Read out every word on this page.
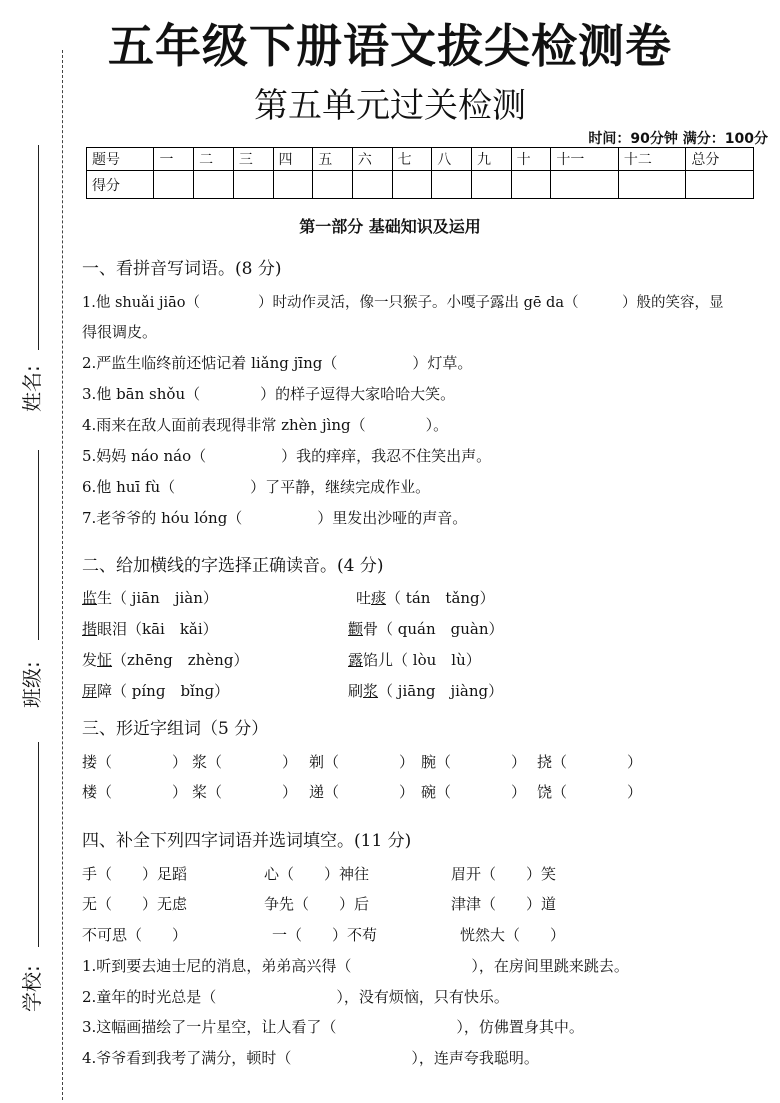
姓名:
班级:
学校:
五年级下册语文拔尖检测卷
第五单元过关检测
时间：90分钟 满分：100分
题号	一	二	三	四	五	六	七	八	九	十	十一	十二	总分
得分													
第一部分 基础知识及运用
一、看拼音写词语。(8 分)
1.他 shuǎi jiāo（　　　　）时动作灵活，像一只猴子。小嘎子露出 gē da（　　　）般的笑容，显
得很调皮。
2.严监生临终前还惦记着 liǎng jīng（　　　　　）灯草。
3.他 bān shǒu（　　　　）的样子逗得大家哈哈大笑。
4.雨来在敌人面前表现得非常 zhèn jìng（　　　　）。
5.妈妈 náo náo（　　　　　）我的痒痒，我忍不住笑出声。
6.他 huī fù（　　　　　）了平静，继续完成作业。
7.老爷爷的 hóu lóng（　　　　　）里发出沙哑的声音。
二、给加横线的字选择正确读音。(4 分)
监生（ jiān　jiàn）	吐痰（ tán　tǎng）
揩眼泪（kāi　kǎi）	颧骨（ quán　guàn）
发怔（zhēng　zhèng）	露馅儿（ lòu　lù）
屏障（ pínɡ　bǐnɡ）	刷浆（ jiāng　jiàng）
三、形近字组词（5 分）
搂（　　　　） 浆（　　　　） 剃（　　　　） 腕（　　　　） 挠（　　　　）
楼（　　　　） 桨（　　　　） 递（　　　　） 碗（　　　　） 饶（　　　　）
四、补全下列四字词语并选词填空。(11 分)
手（　　）足蹈	心（　　）神往	眉开（　　）笑
无（　　）无虑	争先（　　）后	津津（　　）道
不可思（　　）	一（　　）不苟	恍然大（　　）
1.听到要去迪士尼的消息，弟弟高兴得（　　　　　　　　），在房间里跳来跳去。
2.童年的时光总是（　　　　　　　　），没有烦恼，只有快乐。
3.这幅画描绘了一片星空，让人看了（　　　　　　　　），仿佛置身其中。
4.爷爷看到我考了满分，顿时（　　　　　　　　），连声夸我聪明。
